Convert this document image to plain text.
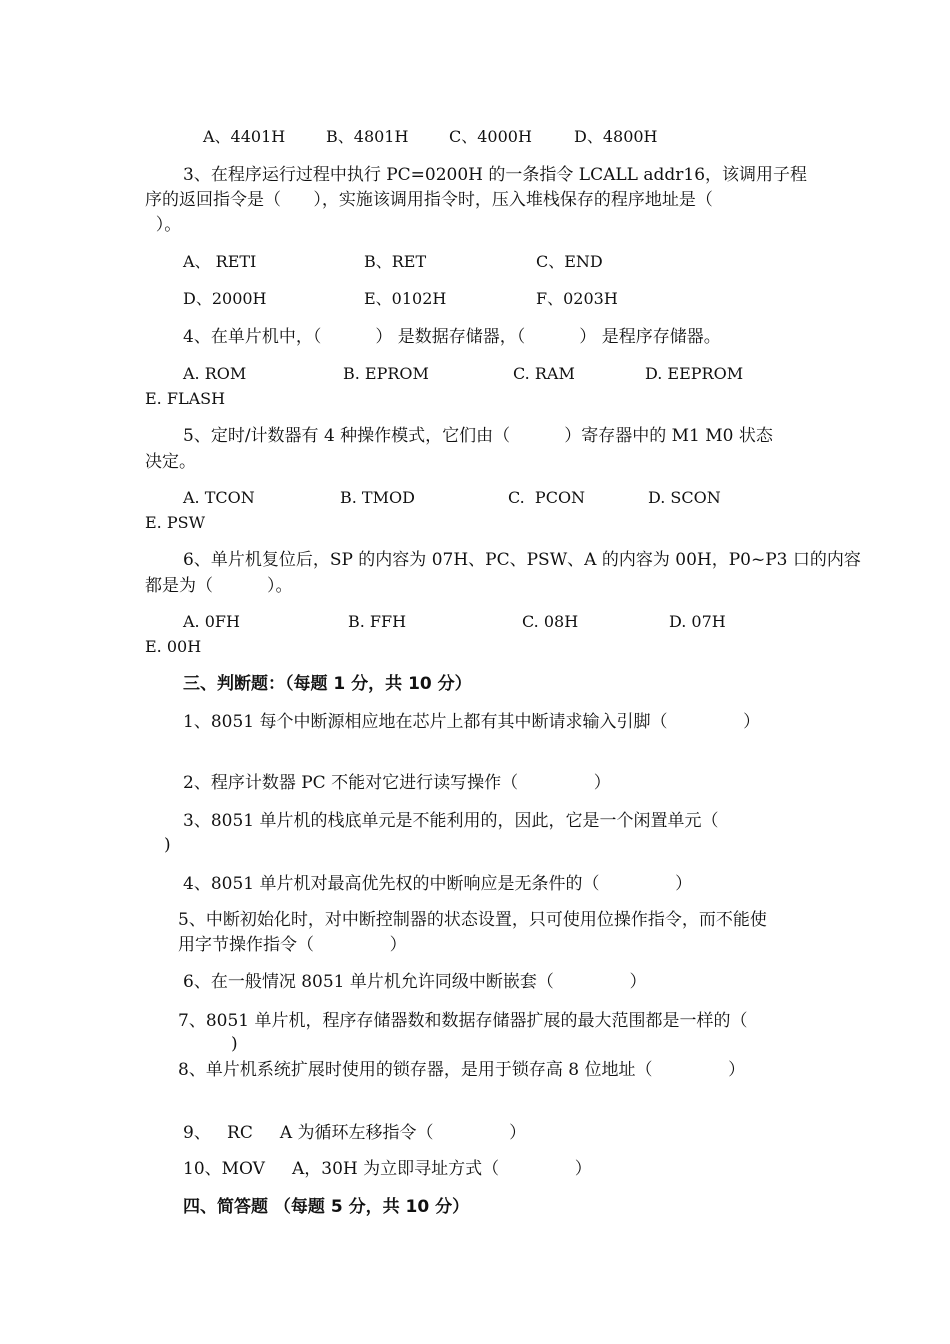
A、4401H	B、4801H	C、4000H	D、4800H
3、在程序运行过程中执行 PC=0200H 的一条指令 LCALL addr16，该调用子程
序的返回指令是（      ），实施该调用指令时，压入堆栈保存的程序地址是（
）。
A、 RETI	B、RET	C、END
D、2000H	E、0102H	F、0203H
4、在单片机中，（          ） 是数据存储器，（          ） 是程序存储器。
A. ROM	B. EPROM	C. RAM	D. EEPROM
E. FLASH
5、定时/计数器有 4 种操作模式，它们由（          ）寄存器中的 M1 M0 状态
决定。
A. TCON	B. TMOD	C.  PCON	D. SCON
E. PSW
6、单片机复位后，SP 的内容为 07H、PC、PSW、A 的内容为 00H，P0~P3 口的内容
都是为（          ）。
A. 0FH	B. FFH	C. 08H	D. 07H
E. 00H
三、判断题：（每题 1 分，共 10 分）
1、8051 每个中断源相应地在芯片上都有其中断请求输入引脚（              ）
2、程序计数器 PC 不能对它进行读写操作（              ）
3、8051 单片机的栈底单元是不能利用的，因此，它是一个闲置单元（
)
4、8051 单片机对最高优先权的中断响应是无条件的（              ）
5、中断初始化时，对中断控制器的状态设置，只可使用位操作指令，而不能使
用字节操作指令（              ）
6、在一般情况 8051 单片机允许同级中断嵌套（              ）
7、8051 单片机，程序存储器数和数据存储器扩展的最大范围都是一样的（
)
8、单片机系统扩展时使用的锁存器，是用于锁存高 8 位地址（              ）
9、   RC     A 为循环左移指令（              ）
10、MOV     A，30H 为立即寻址方式（              ）
四、简答题 （每题 5 分，共 10 分）
